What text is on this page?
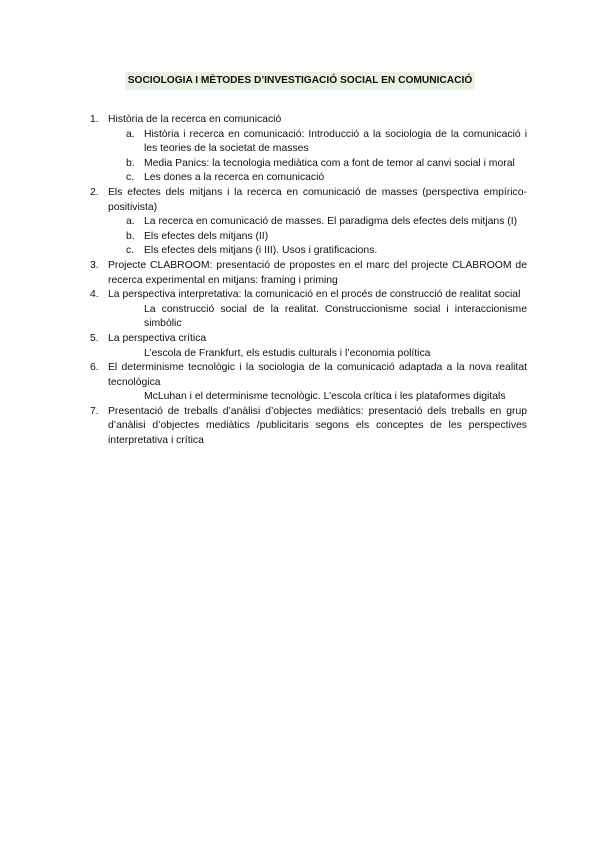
SOCIOLOGIA I MÈTODES D’INVESTIGACIÓ SOCIAL EN COMUNICACIÓ
1. Història de la recerca en comunicació
a. Història i recerca en comunicació: Introducció a la sociologia de la comunicació i les teories de la societat de masses
b. Media Panics: la tecnologia mediàtica com a font de temor al canvi social i moral
c. Les dones a la recerca en comunicació
2. Els efectes dels mitjans i la recerca en comunicació de masses (perspectiva empírico-positivista)
a. La recerca en comunicació de masses. El paradigma dels efectes dels mitjans (I)
b. Els efectes dels mitjans (II)
c. Els efectes dels mitjans (i III). Usos i gratificacions.
3. Projecte CLABROOM: presentació de propostes en el marc del projecte CLABROOM de recerca experimental en mitjans: framing i priming
4. La perspectiva interpretativa: la comunicació en el procés de construcció de realitat social
La construcció social de la realitat. Construccionisme social i interaccionisme simbòlic
5. La perspectiva crítica
L’escola de Frankfurt, els estudis culturals i l’economia política
6. El determinisme tecnològic i la sociologia de la comunicació adaptada a la nova realitat tecnològica
McLuhan i el determinisme tecnològic. L’escola crítica i les plataformes digitals
7. Presentació de treballs d’anàlisi d’objectes mediàtics: presentació dels treballs en grup d’anàlisi d’objectes mediàtics /publicitaris segons els conceptes de les perspectives interpretativa i crítica
